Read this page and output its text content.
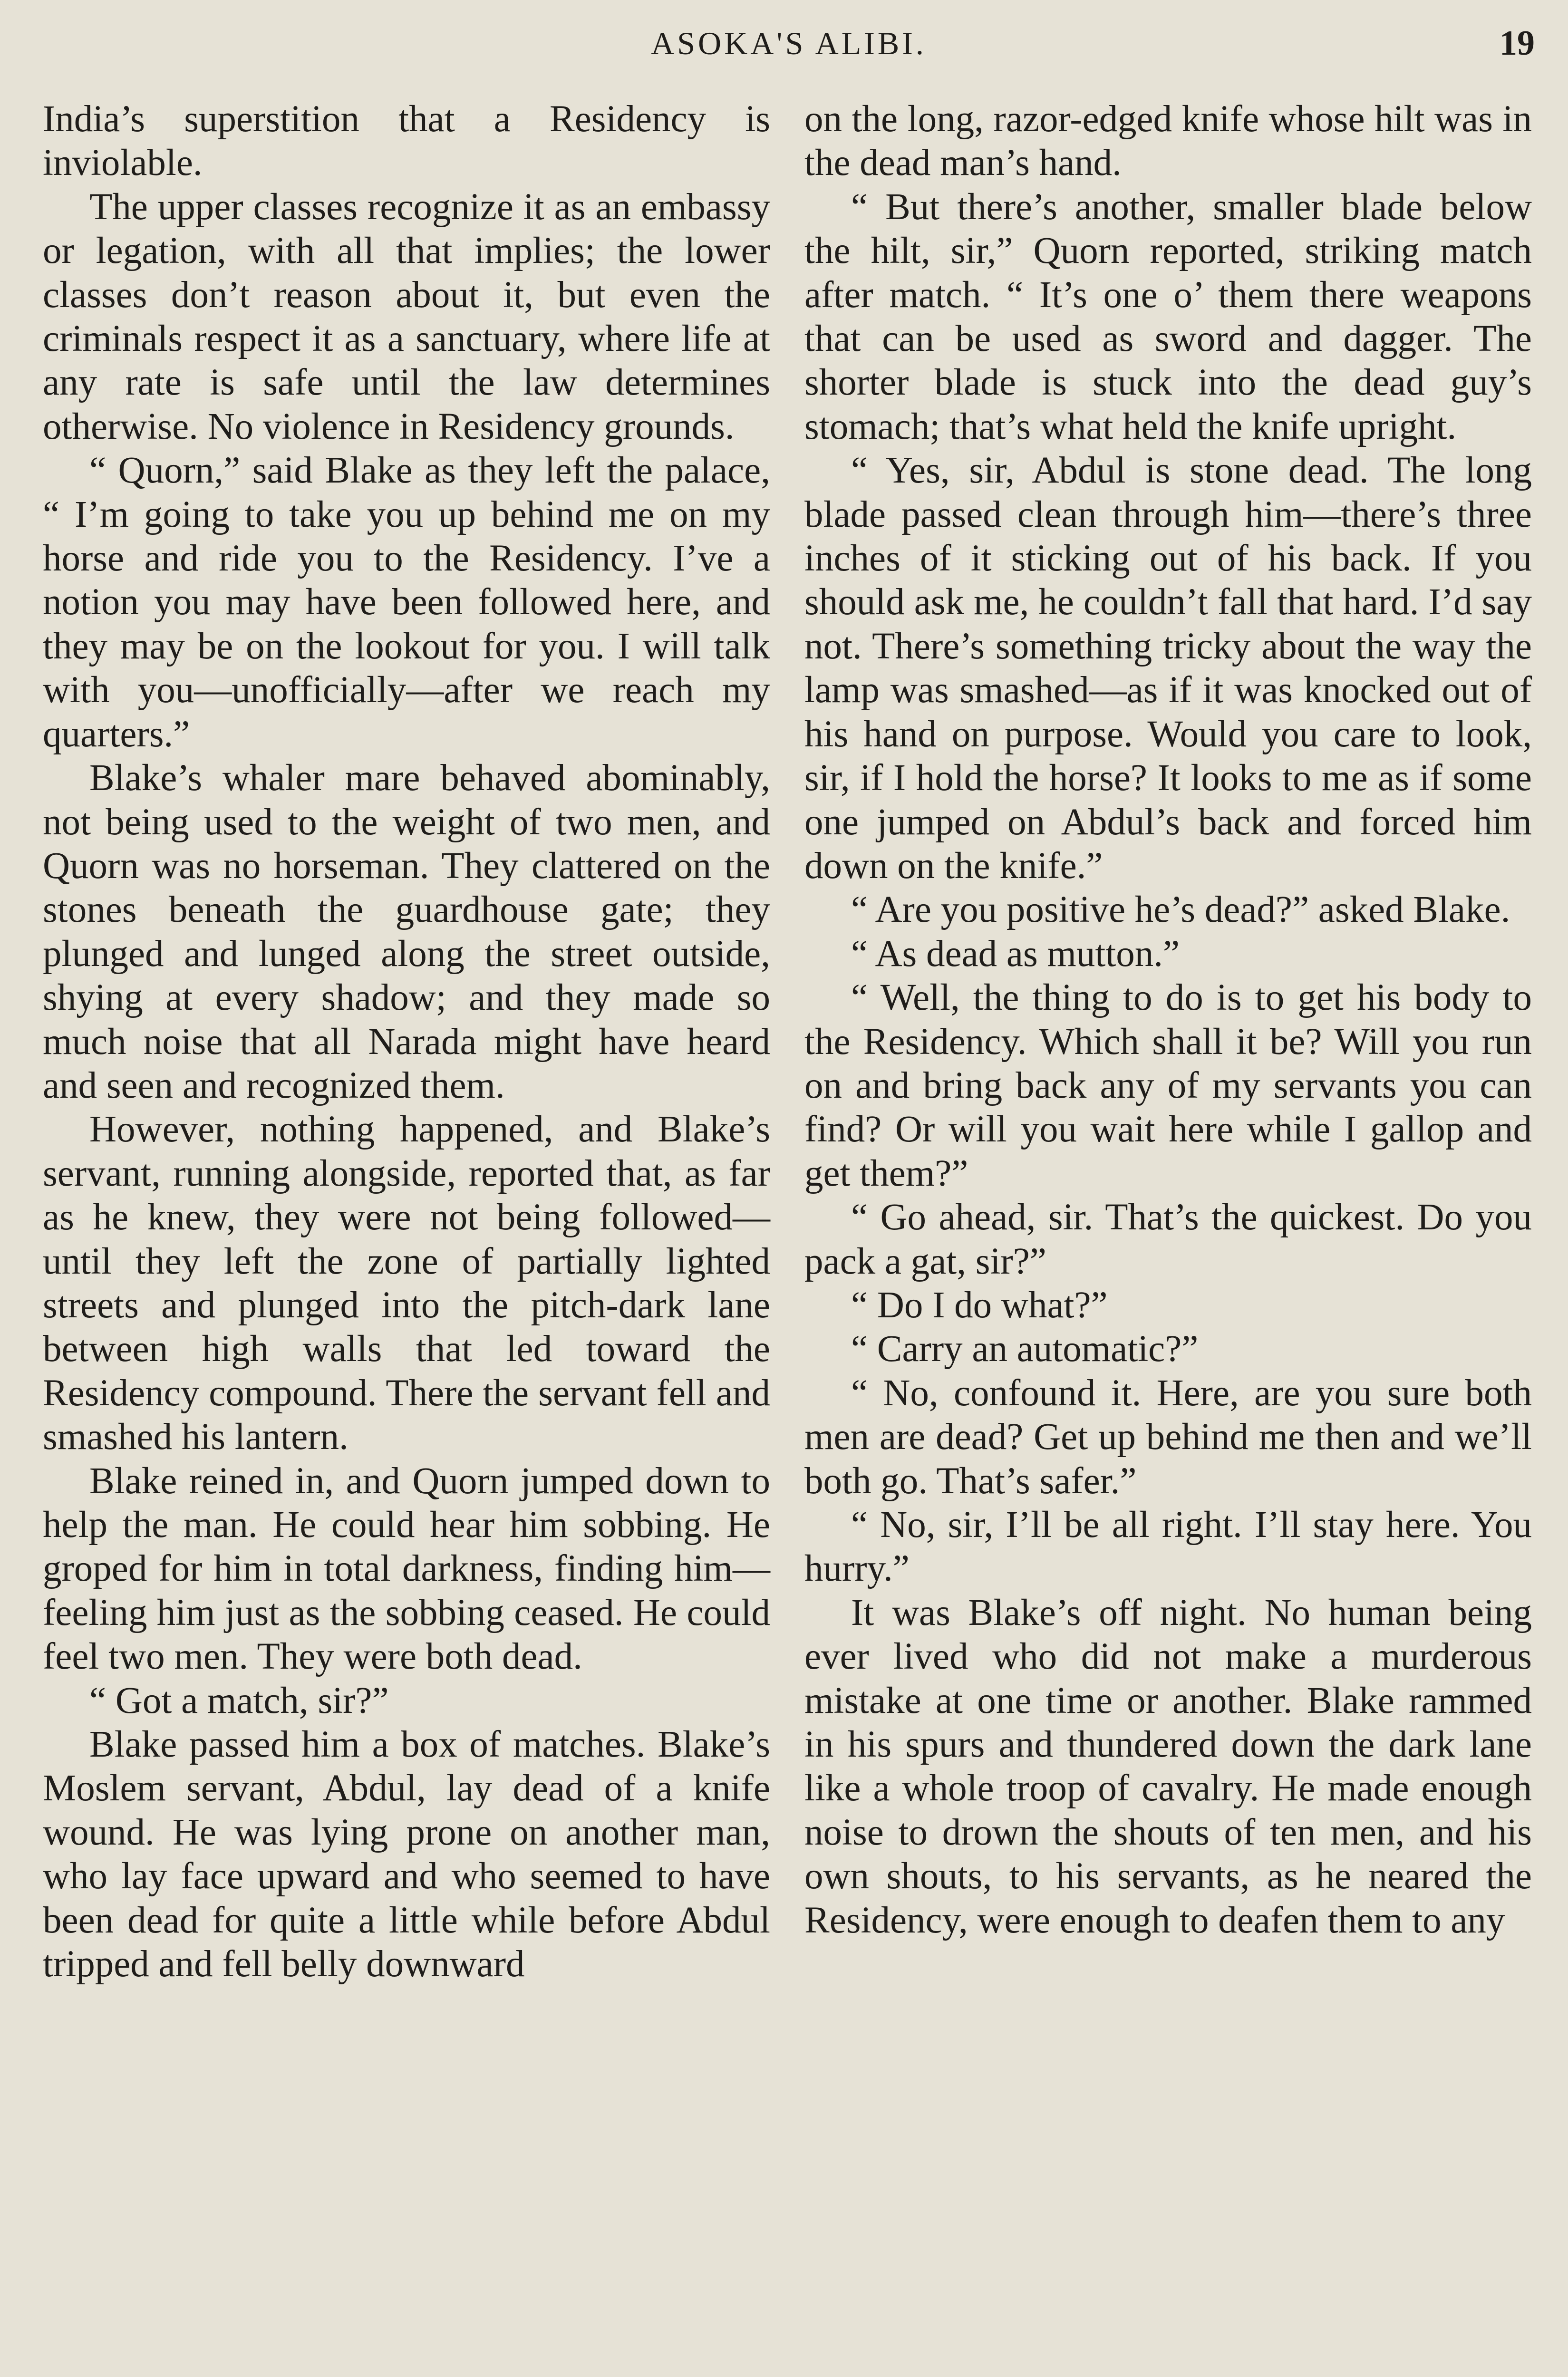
ASOKA'S ALIBI.	19

India’s superstition that a Residency is inviolable.

The upper classes recognize it as an embassy or legation, with all that implies; the lower classes don’t reason about it, but even the criminals respect it as a sanctuary, where life at any rate is safe until the law determines otherwise. No violence in Residency grounds.

“ Quorn,” said Blake as they left the palace, “ I’m going to take you up behind me on my horse and ride you to the Residency. I’ve a notion you may have been followed here, and they may be on the lookout for you. I will talk with you—unofficially—after we reach my quarters.”

Blake’s whaler mare behaved abominably, not being used to the weight of two men, and Quorn was no horseman. They clattered on the stones beneath the guardhouse gate; they plunged and lunged along the street outside, shying at every shadow; and they made so much noise that all Narada might have heard and seen and recognized them.

However, nothing happened, and Blake’s servant, running alongside, reported that, as far as he knew, they were not being followed—until they left the zone of partially lighted streets and plunged into the pitch-dark lane between high walls that led toward the Residency compound. There the servant fell and smashed his lantern.

Blake reined in, and Quorn jumped down to help the man. He could hear him sobbing. He groped for him in total darkness, finding him—feeling him just as the sobbing ceased. He could feel two men. They were both dead.

“ Got a match, sir?”

Blake passed him a box of matches. Blake’s Moslem servant, Abdul, lay dead of a knife wound. He was lying prone on another man, who lay face upward and who seemed to have been dead for quite a little while before Abdul tripped and fell belly downward

on the long, razor-edged knife whose hilt was in the dead man’s hand.

“ But there’s another, smaller blade below the hilt, sir,” Quorn reported, striking match after match. “ It’s one o’ them there weapons that can be used as sword and dagger. The shorter blade is stuck into the dead guy’s stomach; that’s what held the knife upright.

“ Yes, sir, Abdul is stone dead. The long blade passed clean through him—there’s three inches of it sticking out of his back. If you should ask me, he couldn’t fall that hard. I’d say not. There’s something tricky about the way the lamp was smashed—as if it was knocked out of his hand on purpose. Would you care to look, sir, if I hold the horse? It looks to me as if some one jumped on Abdul’s back and forced him down on the knife.”

“ Are you positive he’s dead?” asked Blake.

“ As dead as mutton.”

“ Well, the thing to do is to get his body to the Residency. Which shall it be? Will you run on and bring back any of my servants you can find? Or will you wait here while I gallop and get them?”

“ Go ahead, sir. That’s the quickest. Do you pack a gat, sir?”

“ Do I do what?”

“ Carry an automatic?”

“ No, confound it. Here, are you sure both men are dead? Get up behind me then and we’ll both go. That’s safer.”

“ No, sir, I’ll be all right. I’ll stay here. You hurry.”

It was Blake’s off night. No human being ever lived who did not make a murderous mistake at one time or another. Blake rammed in his spurs and thundered down the dark lane like a whole troop of cavalry. He made enough noise to drown the shouts of ten men, and his own shouts, to his servants, as he neared the Residency, were enough to deafen them to any
